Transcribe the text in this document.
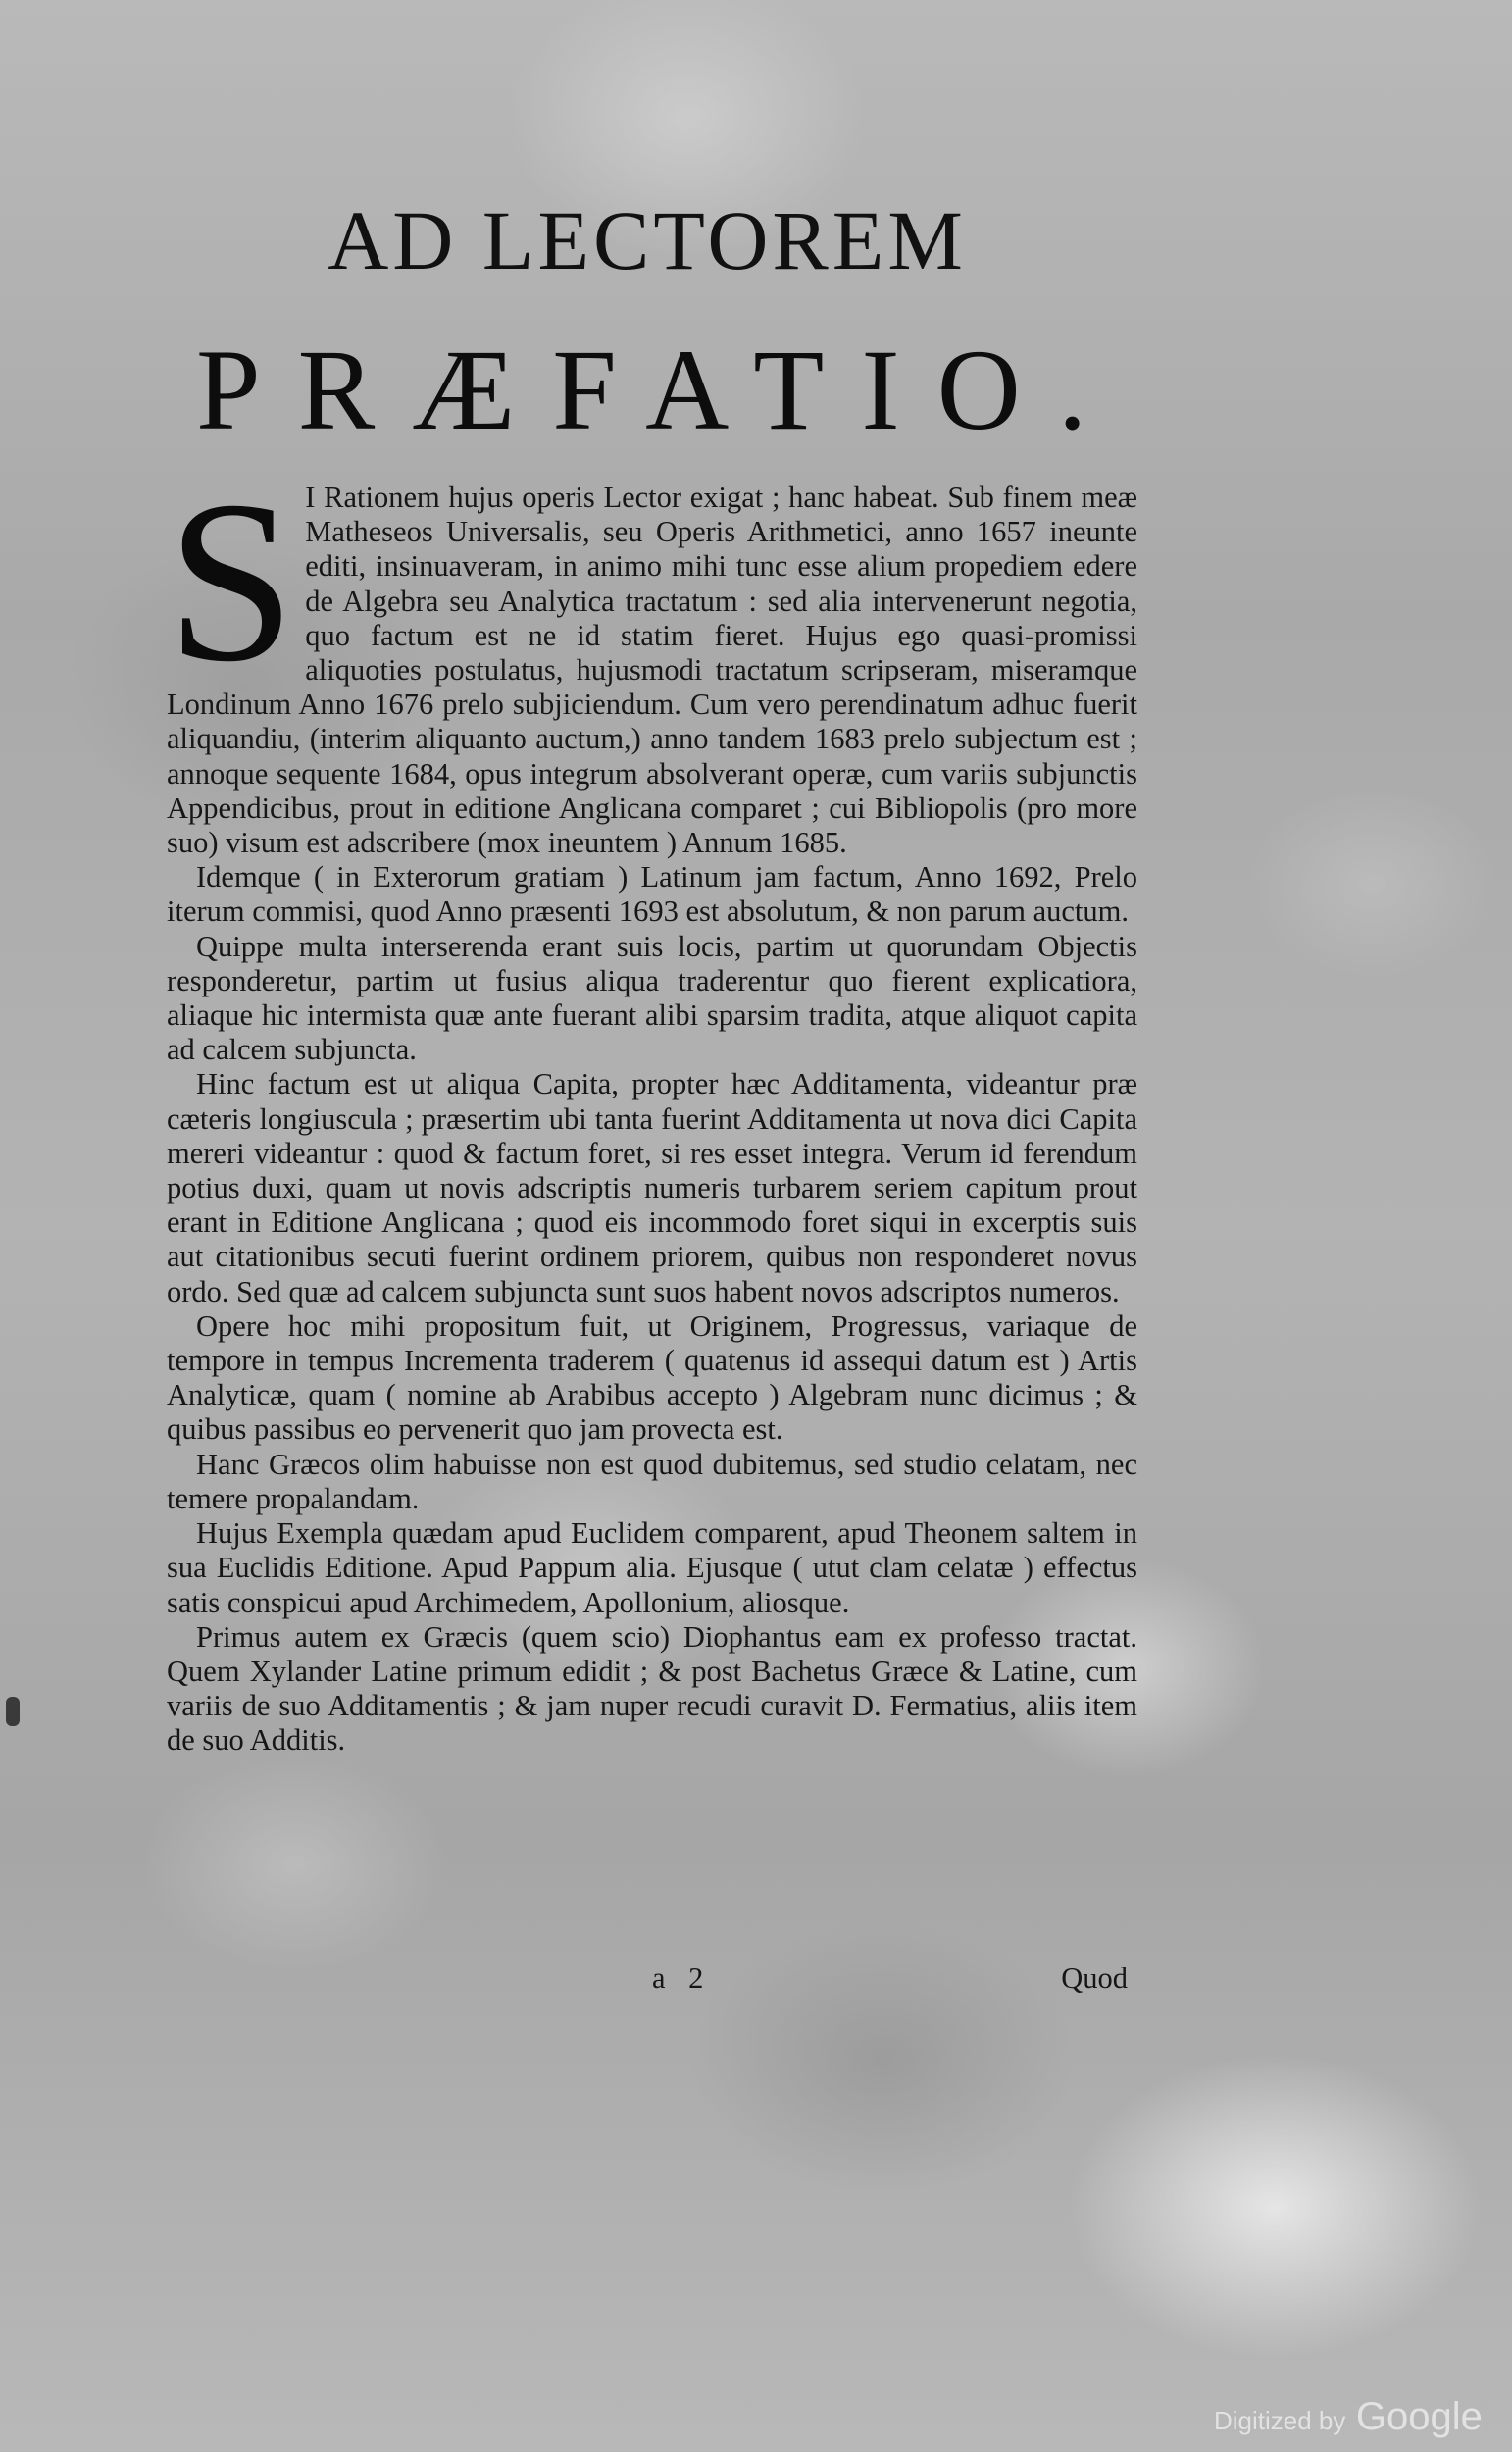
AD LECTOREM
PRÆFATIO.
S I Rationem hujus operis Lector exigat ; hanc habeat. Sub finem meæ Matheseos Universalis, seu Operis Arithmetici, anno 1657 ineunte editi, insinuaveram, in animo mihi tunc esse alium propediem edere de Algebra seu Analytica tractatum : sed alia intervenerunt negotia, quo factum est ne id statim fieret. Hujus ego quasi-promissi aliquoties postulatus, hujusmodi tractatum scripseram, miseramque Londinum Anno 1676 prelo subjiciendum. Cum vero perendinatum adhuc fuerit aliquandiu, (interim aliquanto auctum,) anno tandem 1683 prelo subjectum est ; annoque sequente 1684, opus integrum absolverant operæ, cum variis subjunctis Appendicibus, prout in editione Anglicana comparet ; cui Bibliopolis (pro more suo) visum est adscribere (mox ineuntem ) Annum 1685.

Idemque ( in Exterorum gratiam ) Latinum jam factum, Anno 1692, Prelo iterum commisi, quod Anno præsenti 1693 est absolutum, & non parum auctum.

Quippe multa interserenda erant suis locis, partim ut quorundam Objectis responderetur, partim ut fusius aliqua traderentur quo fierent explicatiora, aliaque hic intermista quæ ante fuerant alibi sparsim tradita, atque aliquot capita ad calcem subjuncta.

Hinc factum est ut aliqua Capita, propter hæc Additamenta, videantur præ cæteris longiuscula ; præsertim ubi tanta fuerint Additamenta ut nova dici Capita mereri videantur : quod & factum foret, si res esset integra. Verum id ferendum potius duxi, quam ut novis adscriptis numeris turbarem seriem capitum prout erant in Editione Anglicana ; quod eis incommodo foret siqui in excerptis suis aut citationibus secuti fuerint ordinem priorem, quibus non responderet novus ordo. Sed quæ ad calcem subjuncta sunt suos habent novos adscriptos numeros.

Opere hoc mihi propositum fuit, ut Originem, Progressus, variaque de tempore in tempus Incrementa traderem ( quatenus id assequi datum est ) Artis Analyticæ, quam ( nomine ab Arabibus accepto ) Algebram nunc dicimus ; & quibus passibus eo pervenerit quo jam provecta est.

Hanc Græcos olim habuisse non est quod dubitemus, sed studio celatam, nec temere propalandam.

Hujus Exempla quædam apud Euclidem comparent, apud Theonem saltem in sua Euclidis Editione. Apud Pappum alia. Ejusque ( utut clam celatæ ) effectus satis conspicui apud Archimedem, Apollonium, aliosque.

Primus autem ex Græcis (quem scio) Diophantus eam ex professo tractat. Quem Xylander Latine primum edidit ; & post Bachetus Græce & Latine, cum variis de suo Additamentis ; & jam nuper recudi curavit D. Fermatius, aliis item de suo Additis.

a 2	Quod
Digitized by Google
